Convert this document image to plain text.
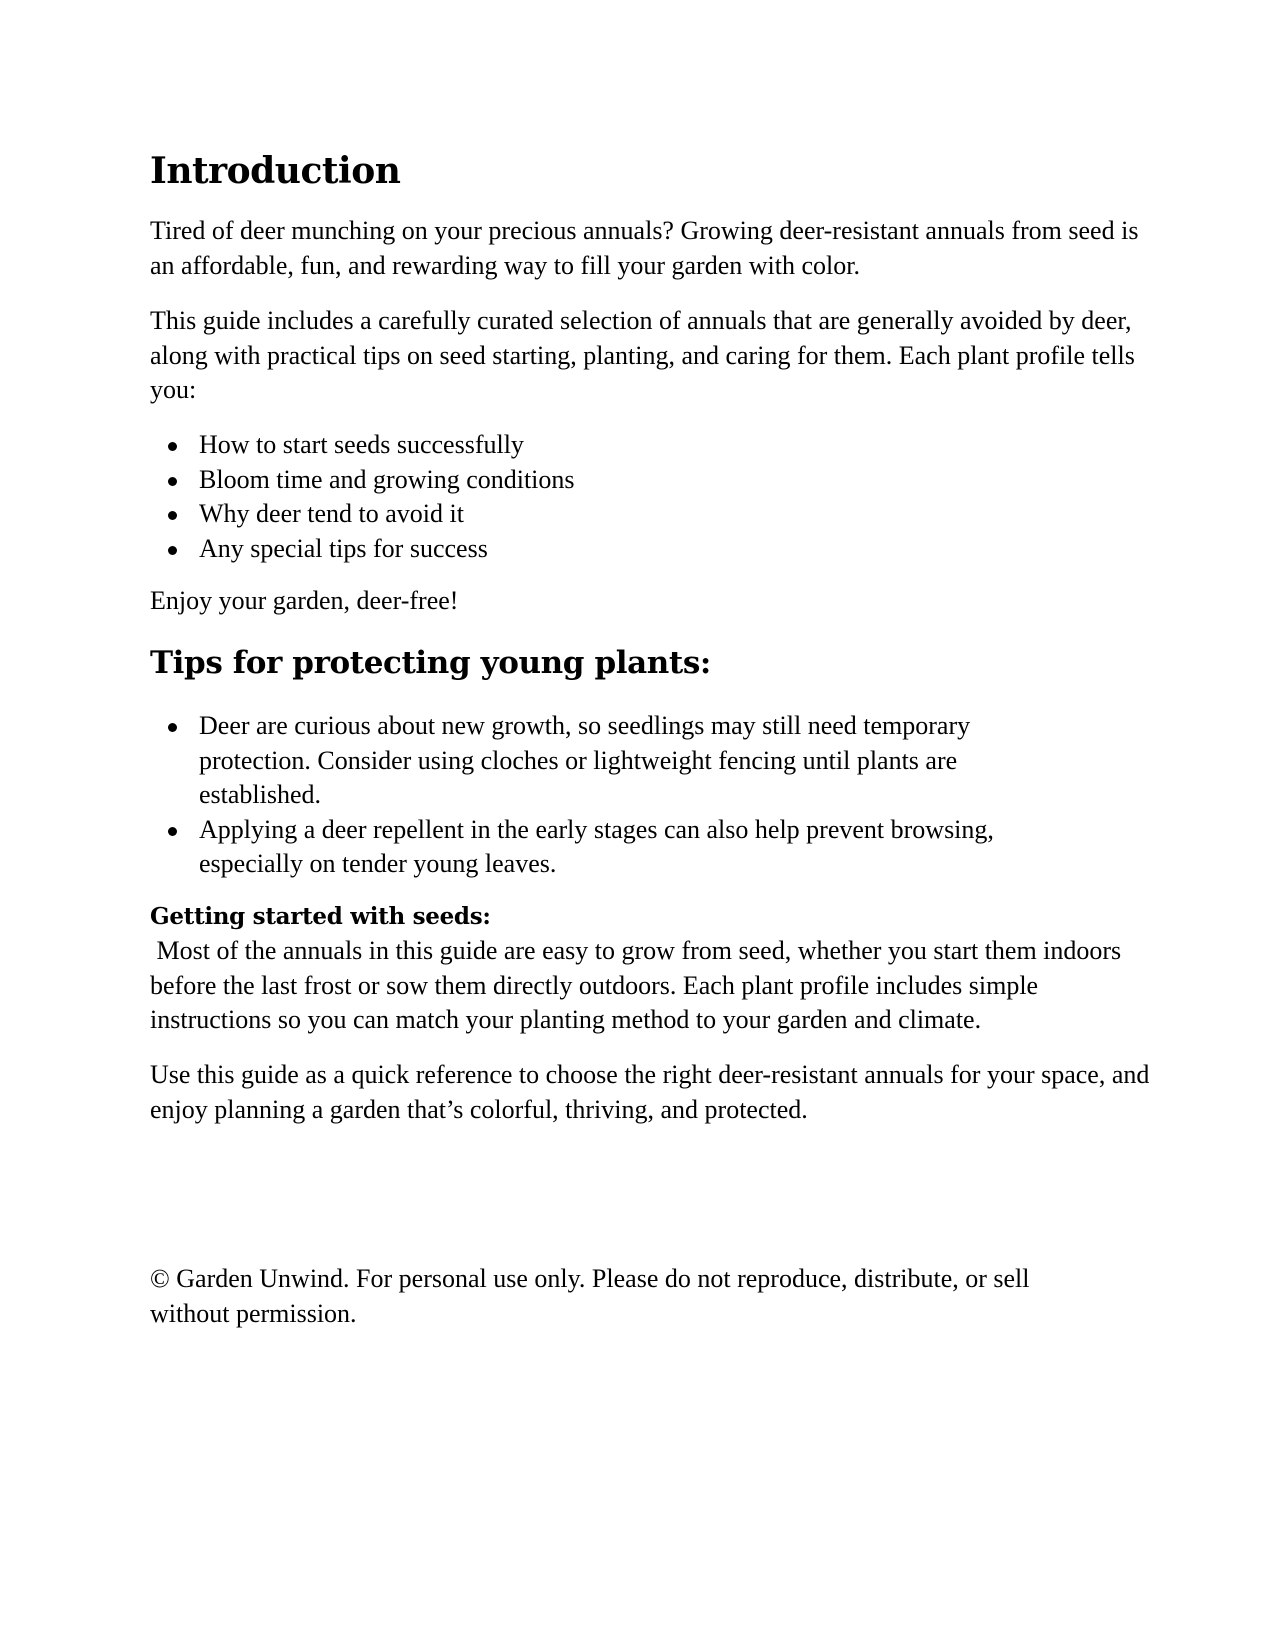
Introduction

Tired of deer munching on your precious annuals? Growing deer-resistant annuals from seed is an affordable, fun, and rewarding way to fill your garden with color.

This guide includes a carefully curated selection of annuals that are generally avoided by deer, along with practical tips on seed starting, planting, and caring for them. Each plant profile tells you:

How to start seeds successfully
Bloom time and growing conditions
Why deer tend to avoid it
Any special tips for success

Enjoy your garden, deer-free!

Tips for protecting young plants:
Deer are curious about new growth, so seedlings may still need temporary protection. Consider using cloches or lightweight fencing until plants are established.
Applying a deer repellent in the early stages can also help prevent browsing, especially on tender young leaves.
Getting started with seeds:

Most of the annuals in this guide are easy to grow from seed, whether you start them indoors before the last frost or sow them directly outdoors. Each plant profile includes simple instructions so you can match your planting method to your garden and climate.

Use this guide as a quick reference to choose the right deer-resistant annuals for your space, and enjoy planning a garden that’s colorful, thriving, and protected.

© Garden Unwind. For personal use only. Please do not reproduce, distribute, or sell without permission.
